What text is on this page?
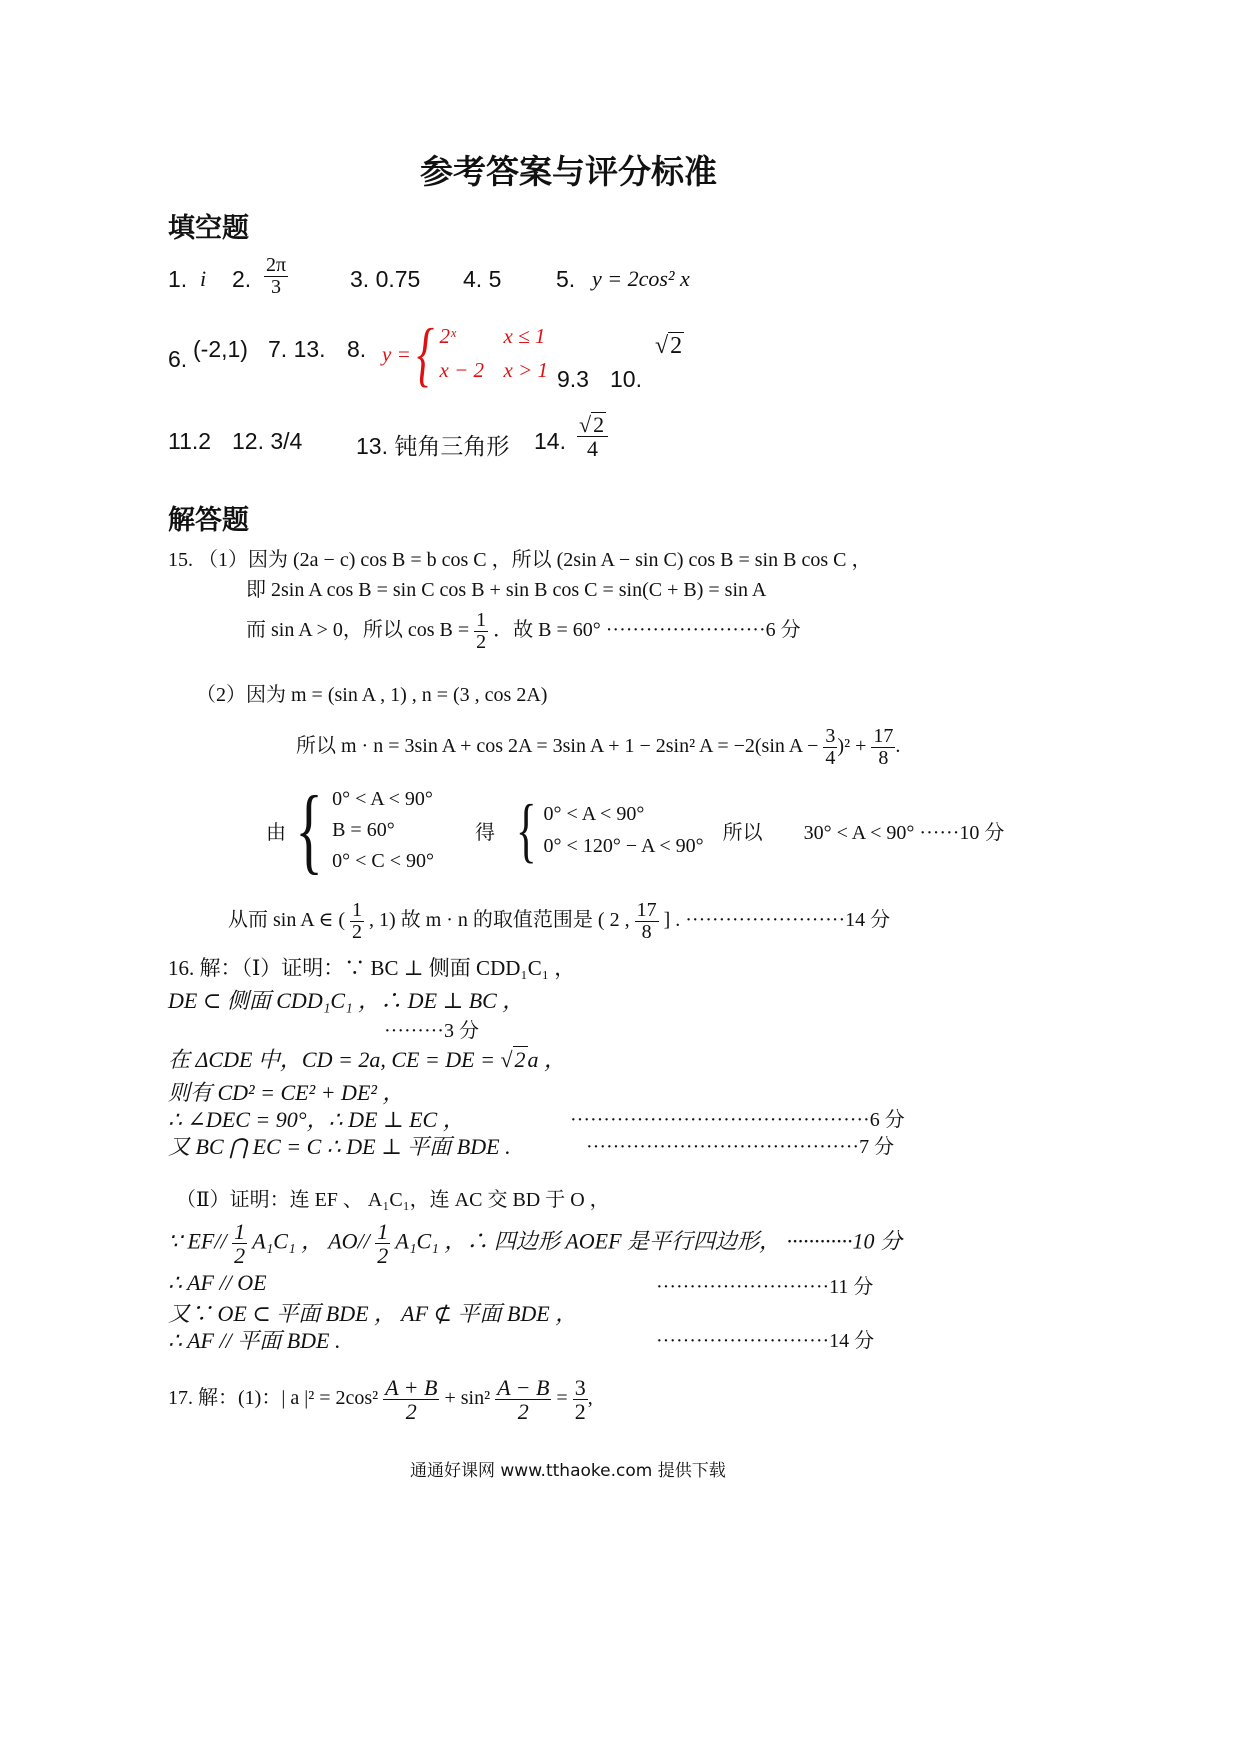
参考答案与评分标准
填空题
1. i 2. $\frac{2\pi}{3}$	3. 0.75 4. 5 5. y = 2cos² x
6. (-2,1) 7. 13. 8. y ={ 2ˣ x ≤ 1
x − 2 x > 1 9.3 10.
√2
11.2 12. 3/4 13. 钝角三角形 14. $\frac{√2}{4}$
解答题
15. （1）因为 (2a − c) cos B = b cos C ，所以 (2sin A − sin C) cos B = sin B cos C ，
即 2sin A cos B = sin C cos B + sin B cos C = sin(C + B) = sin A
而 sin A > 0，所以 $\cos B = \frac{1}{2}$ ．故 B = 60° ························6 分
（2）因为 m = (sin A , 1) , n = (3 , cos 2A)
所以 m · n = 3sin A + cos 2A = 3sin A + 1 − 2sin² A = −2(sin $A - \frac{3}{4} )^2 + \frac{17}{8}$ .
由{ 0° < A < 90°
B = 60°
0° < C < 90°
得 { 0° < A < 90°
0° < 120° − A < 90°
所以 30° < A < 90° ······10 分
从而 sin A ∈ ( $\frac{1}{2}$ , 1) 故 m · n 的取值范围是 ( 2 , $\frac{17}{8}$ ] . ························14 分
16. 解：（Ⅰ）证明：∵ BC ⊥ 侧面 CDD₁C₁ ，
DE ⊂ 侧面 CDD₁C₁ ，∴ DE ⊥ BC ，
·········3 分
在 ΔCDE 中，CD = 2a, CE = DE = √2a ，
则有 CD² = CE² + DE² ，
∴ ∠DEC = 90°，∴ DE ⊥ EC ，	·············································6 分
又 BC ⋂ EC = C ∴ DE ⊥ 平面 BDE .	·········································7 分
（Ⅱ）证明：连 EF 、 A₁C₁，连 AC 交 BD 于 O ，
∵ $EF// \frac{1}{2} A_1C_1$ ， $AO// \frac{1}{2} A_1C_1$ ，∴ 四边形 AOEF 是平行四边形， ············10 分
∴ AF // OE	··························11 分
又∵ OE ⊂ 平面 BDE ， AF ⊄ 平面 BDE ，
∴ AF // 平面 BDE .	··························14 分
17. 解：(1)：| a $|^2 = 2\cos^2 \frac{A + B}{2} + \sin^2 \frac{A - B}{2} = \frac{3}{2}$ ,
通通好课网 www.tthaoke.com 提供下载
